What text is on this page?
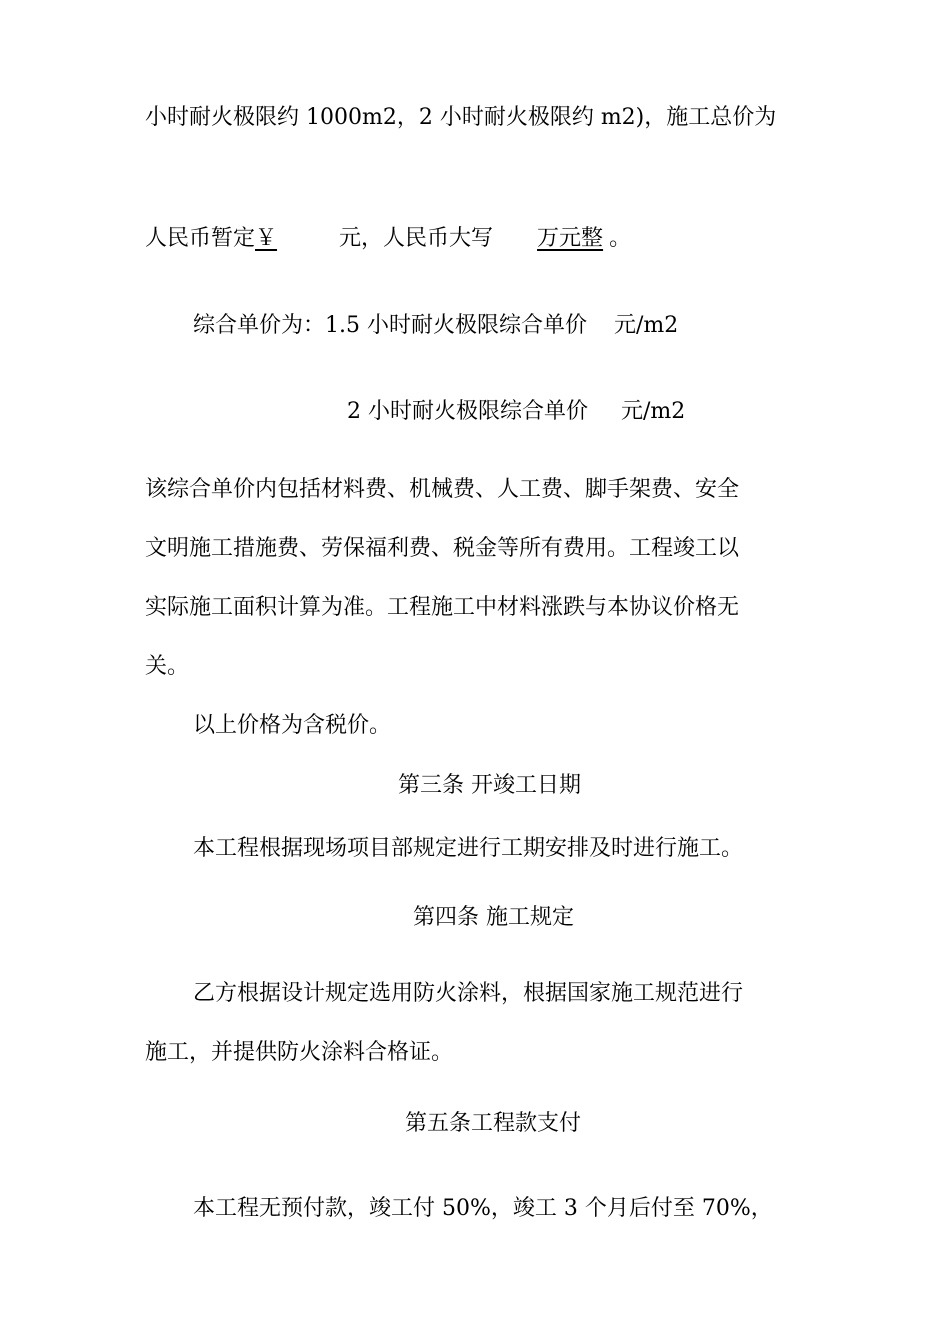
小时耐火极限约 1000m2，2 小时耐火极限约 m2)，施工总价为
人民币暂定￥	元，人民币大写 万元整 。
综合单价为：1.5 小时耐火极限综合单价 元/m2
2 小时耐火极限综合单价 元/m2
该综合单价内包括材料费、机械费、人工费、脚手架费、安全
文明施工措施费、劳保福利费、税金等所有费用。工程竣工以
实际施工面积计算为准。工程施工中材料涨跌与本协议价格无
关。
以上价格为含税价。
第三条 开竣工日期
本工程根据现场项目部规定进行工期安排及时进行施工。
第四条 施工规定
乙方根据设计规定选用防火涂料，根据国家施工规范进行
施工，并提供防火涂料合格证。
第五条工程款支付
本工程无预付款，竣工付 50%，竣工 3 个月后付至 70%，
